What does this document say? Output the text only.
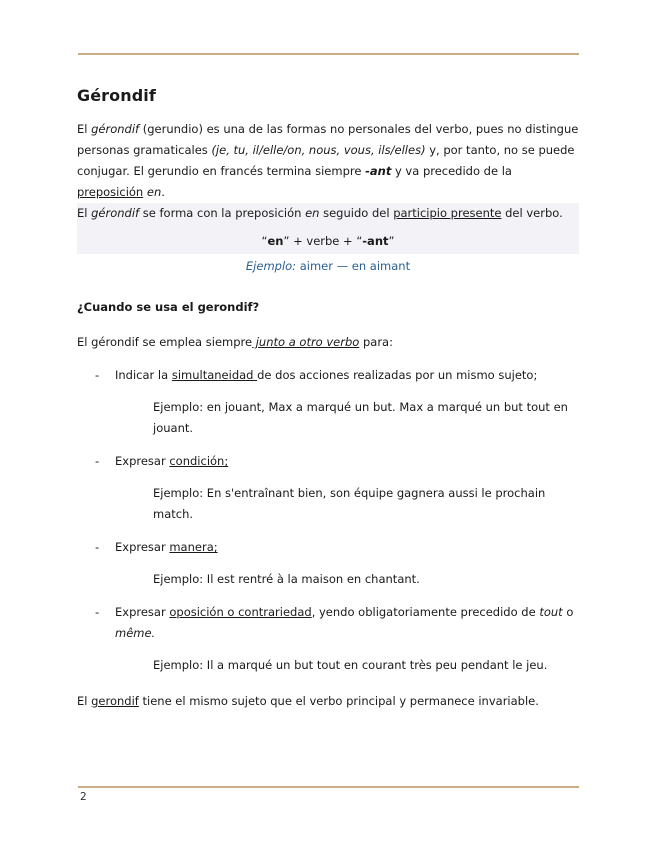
Gérondif

El gérondif (gerundio) es una de las formas no personales del verbo, pues no distingue personas gramaticales (je, tu, il/elle/on, nous, vous, ils/elles) y, por tanto, no se puede conjugar. El gerundio en francés termina siempre -ant y va precedido de la preposición en.

El gérondif se forma con la preposición en seguido del participio presente del verbo.

“en” + verbe + “-ant”

Ejemplo: aimer — en aimant

¿Cuando se usa el gerondif?

El gérondif se emplea siempre junto a otro verbo para:

- Indicar la simultaneidad de dos acciones realizadas por un mismo sujeto;

Ejemplo: en jouant, Max a marqué un but. Max a marqué un but tout en jouant.

- Expresar condición;

Ejemplo: En s'entraînant bien, son équipe gagnera aussi le prochain match.

- Expresar manera;

Ejemplo: Il est rentré à la maison en chantant.

- Expresar oposición o contrariedad, yendo obligatoriamente precedido de tout o même.

Ejemplo: Il a marqué un but tout en courant très peu pendant le jeu.

El gerondif tiene el mismo sujeto que el verbo principal y permanece invariable.

2
